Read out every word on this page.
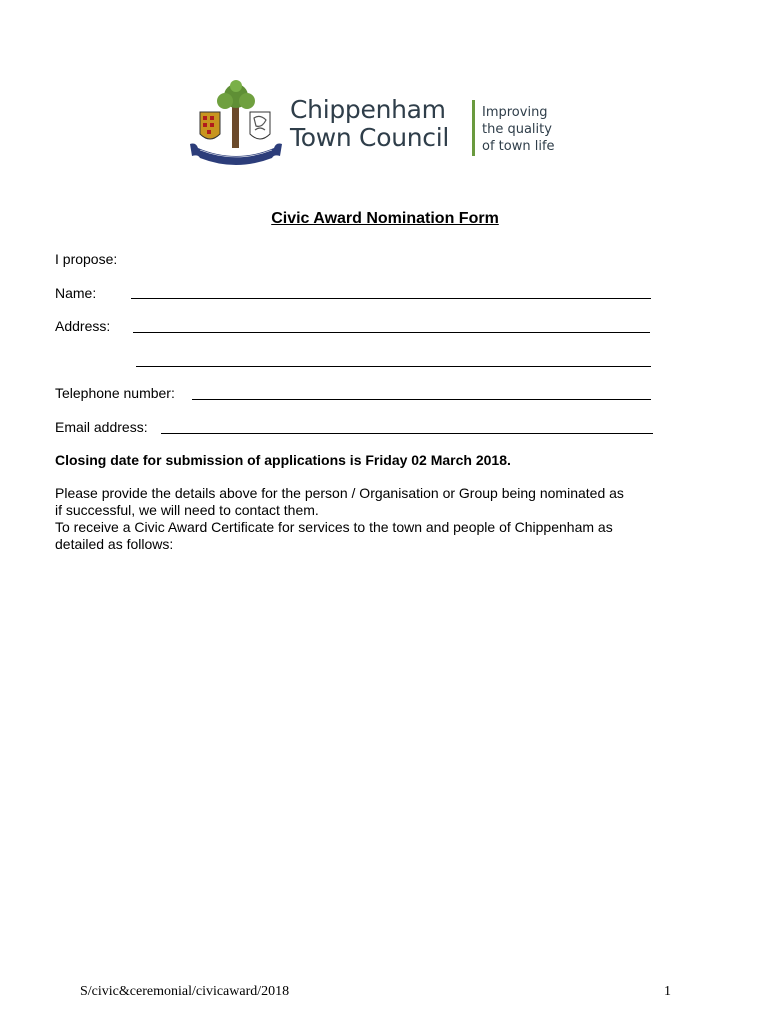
Chippenham
Town Council
Improving
the quality
of town life
Civic Award Nomination Form
I propose:
Name:
Address:
Telephone number:
Email address:
Closing date for submission of applications is Friday 02 March 2018.
Please provide the details above for the person / Organisation or Group being nominated as
if successful, we will need to contact them.
To receive a Civic Award Certificate for services to the town and people of Chippenham as
detailed as follows:
S/civic&ceremonial/civicaward/2018	1
